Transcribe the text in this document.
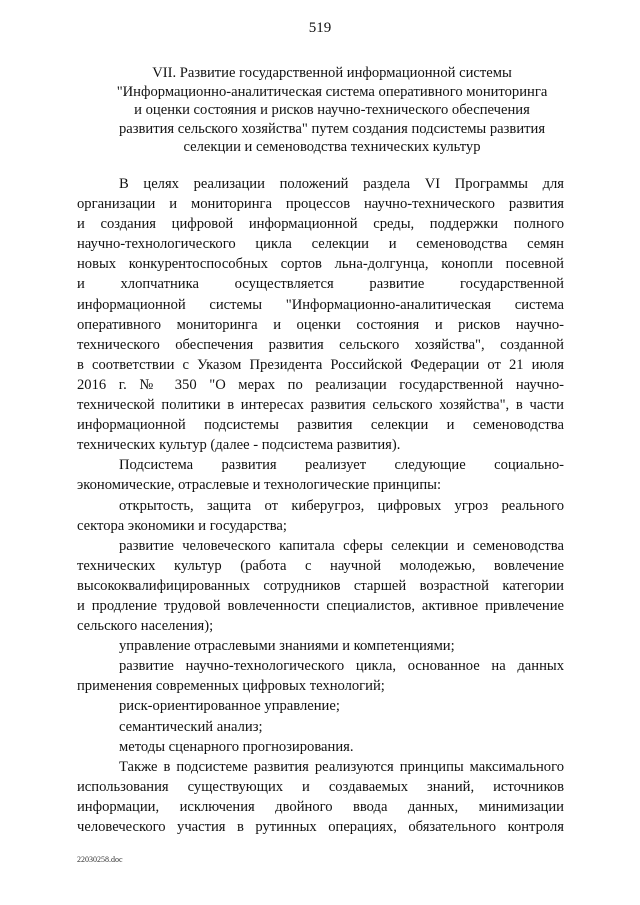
519
VII. Развитие государственной информационной системы
"Информационно-аналитическая система оперативного мониторинга
и оценки состояния и рисков научно-технического обеспечения
развития сельского хозяйства" путем создания подсистемы развития
селекции и семеноводства технических культур
В целях реализации положений раздела VI Программы для
организации и мониторинга процессов научно-технического развития
и создания цифровой информационной среды, поддержки полного
научно-технологического цикла селекции и семеноводства семян
новых конкурентоспособных сортов льна-долгунца, конопли посевной
и хлопчатника осуществляется развитие государственной
информационной системы "Информационно-аналитическая система
оперативного мониторинга и оценки состояния и рисков научно-
технического обеспечения развития сельского хозяйства", созданной
в соответствии с Указом Президента Российской Федерации от 21 июля
2016 г. № 350 "О мерах по реализации государственной научно-
технической политики в интересах развития сельского хозяйства", в части
информационной подсистемы развития селекции и семеноводства
технических культур (далее - подсистема развития).
Подсистема развития реализует следующие социально-
экономические, отраслевые и технологические принципы:
открытость, защита от киберугроз, цифровых угроз реального
сектора экономики и государства;
развитие человеческого капитала сферы селекции и семеноводства
технических культур (работа с научной молодежью, вовлечение
высококвалифицированных сотрудников старшей возрастной категории
и продление трудовой вовлеченности специалистов, активное привлечение
сельского населения);
управление отраслевыми знаниями и компетенциями;
развитие научно-технологического цикла, основанное на данных
применения современных цифровых технологий;
риск-ориентированное управление;
семантический анализ;
методы сценарного прогнозирования.
Также в подсистеме развития реализуются принципы максимального
использования существующих и создаваемых знаний, источников
информации, исключения двойного ввода данных, минимизации
человеческого участия в рутинных операциях, обязательного контроля
22030258.doc
